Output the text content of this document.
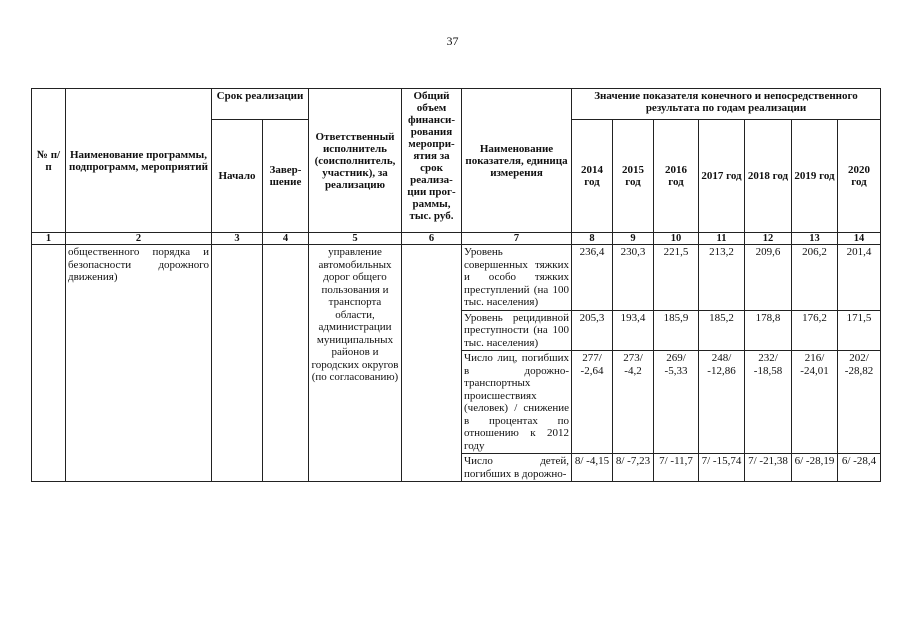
37
№ п/п	Наименование программы, подпрограмм, мероприятий	Срок реализации		Ответственный исполнитель (соисполнитель, участник), за реализацию	Общий объем финанси-рования меропри-ятия за срок реализа-ции прог-раммы, тыс. руб.	Наименование показателя, единица измерения	Значение показателя конечного и непосредственного результата по годам реализации						
		Начало	Завер-шение				2014 год	2015 год	2016 год	2017 год	2018 год	2019 год	2020 год
1	2	3	4	5	6	7	8	9	10	11	12	13	14
	общественного порядка и безопасности дорожного движения)			управление автомобильных дорог общего пользования и транспорта области, администрации муниципальных районов и городских округов (по согласованию)		Уровень совершенных тяжких и особо тяжких преступлений (на 100 тыс. населения)	236,4	230,3	221,5	213,2	209,6	206,2	201,4
						Уровень рецидивной преступности (на 100 тыс. населения)	205,3	193,4	185,9	185,2	178,8	176,2	171,5
						Число лиц, погибших в дорожно-транспортных происшествиях (человек) / снижение в процентах по отношению к 2012 году	277/ -2,64	273/ -4,2	269/ -5,33	248/ -12,86	232/ -18,58	216/ -24,01	202/ -28,82
						Число детей, погибших в дорожно-	8/ -4,15	8/ -7,23	7/ -11,7	7/ -15,74	7/ -21,38	6/ -28,19	6/ -28,4
